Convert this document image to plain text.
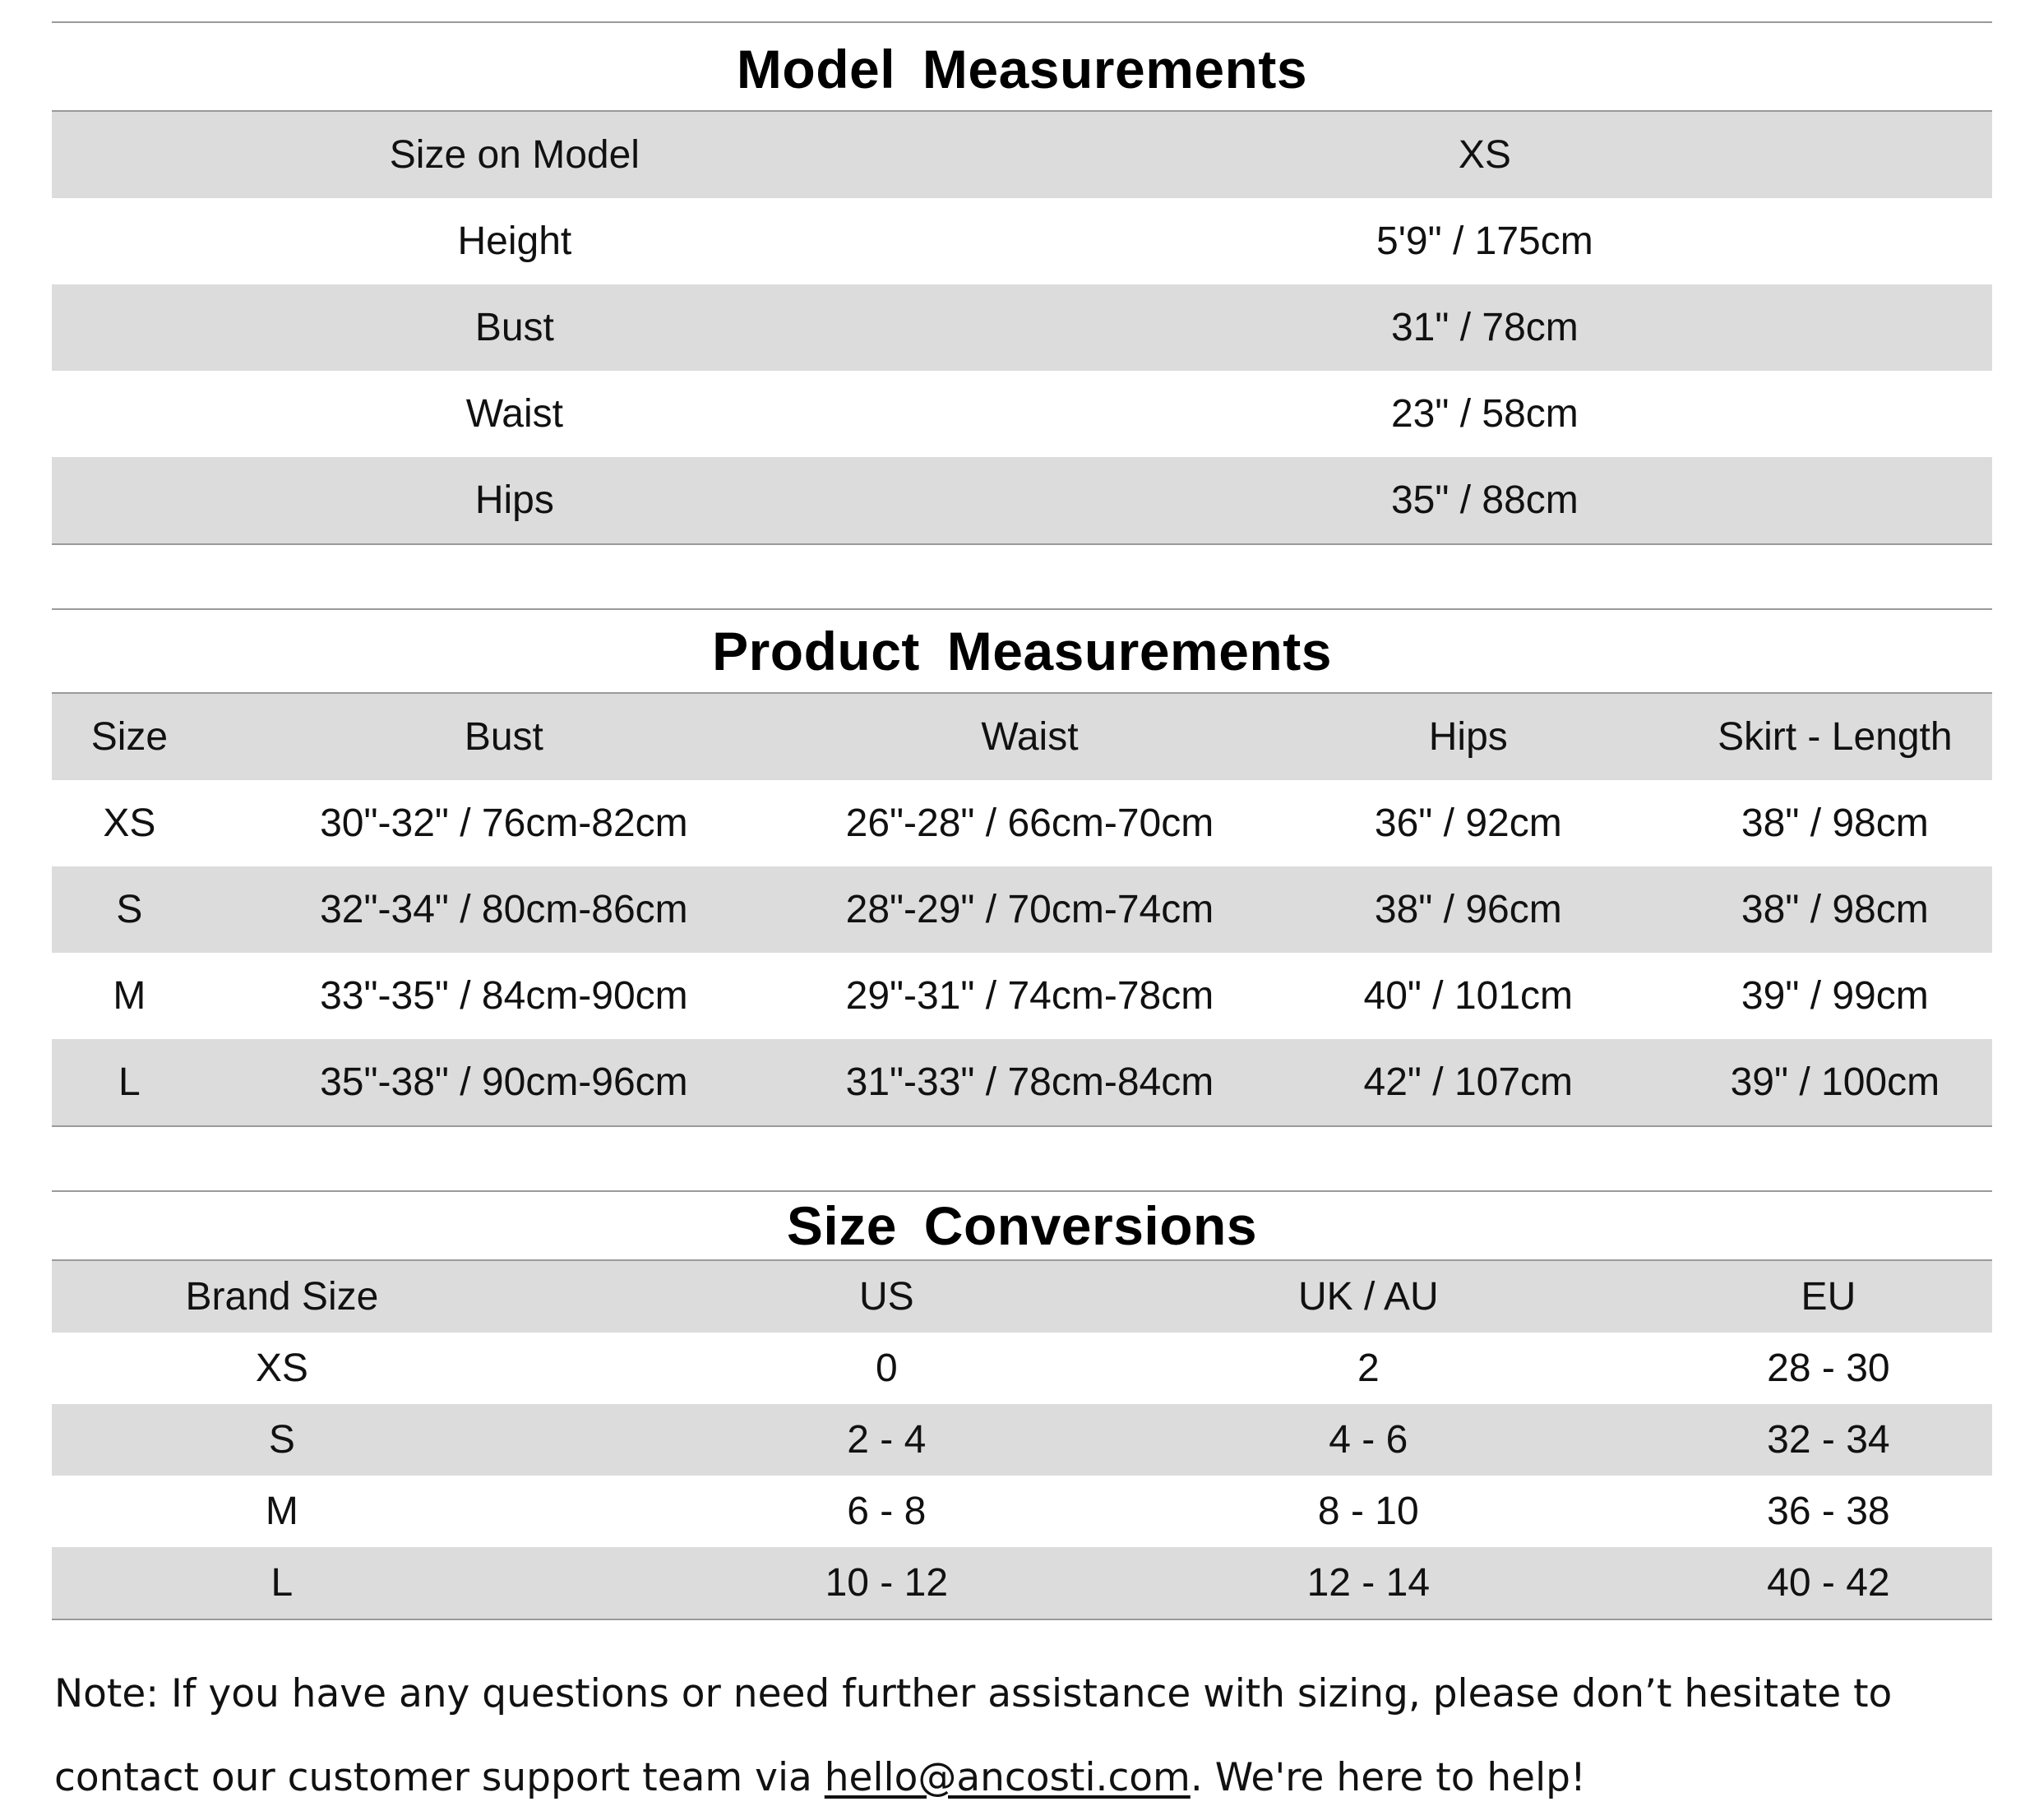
Model Measurements
Size on Model	XS
Height	5'9" / 175cm
Bust	31" / 78cm
Waist	23" / 58cm
Hips	35" / 88cm
Product Measurements
Size	Bust	Waist	Hips	Skirt - Length
XS	30"-32" / 76cm-82cm	26"-28" / 66cm-70cm	36" / 92cm	38" / 98cm
S	32"-34" / 80cm-86cm	28"-29" / 70cm-74cm	38" / 96cm	38" / 98cm
M	33"-35" / 84cm-90cm	29"-31" / 74cm-78cm	40" / 101cm	39" / 99cm
L	35"-38" / 90cm-96cm	31"-33" / 78cm-84cm	42" / 107cm	39" / 100cm
Size Conversions
Brand Size	US	UK / AU	EU
XS	0	2	28 - 30
S	2 - 4	4 - 6	32 - 34
M	6 - 8	8 - 10	36 - 38
L	10 - 12	12 - 14	40 - 42
Note: If you have any questions or need further assistance with sizing, please don’t hesitate to contact our customer support team via hello@ancosti.com. We're here to help!
